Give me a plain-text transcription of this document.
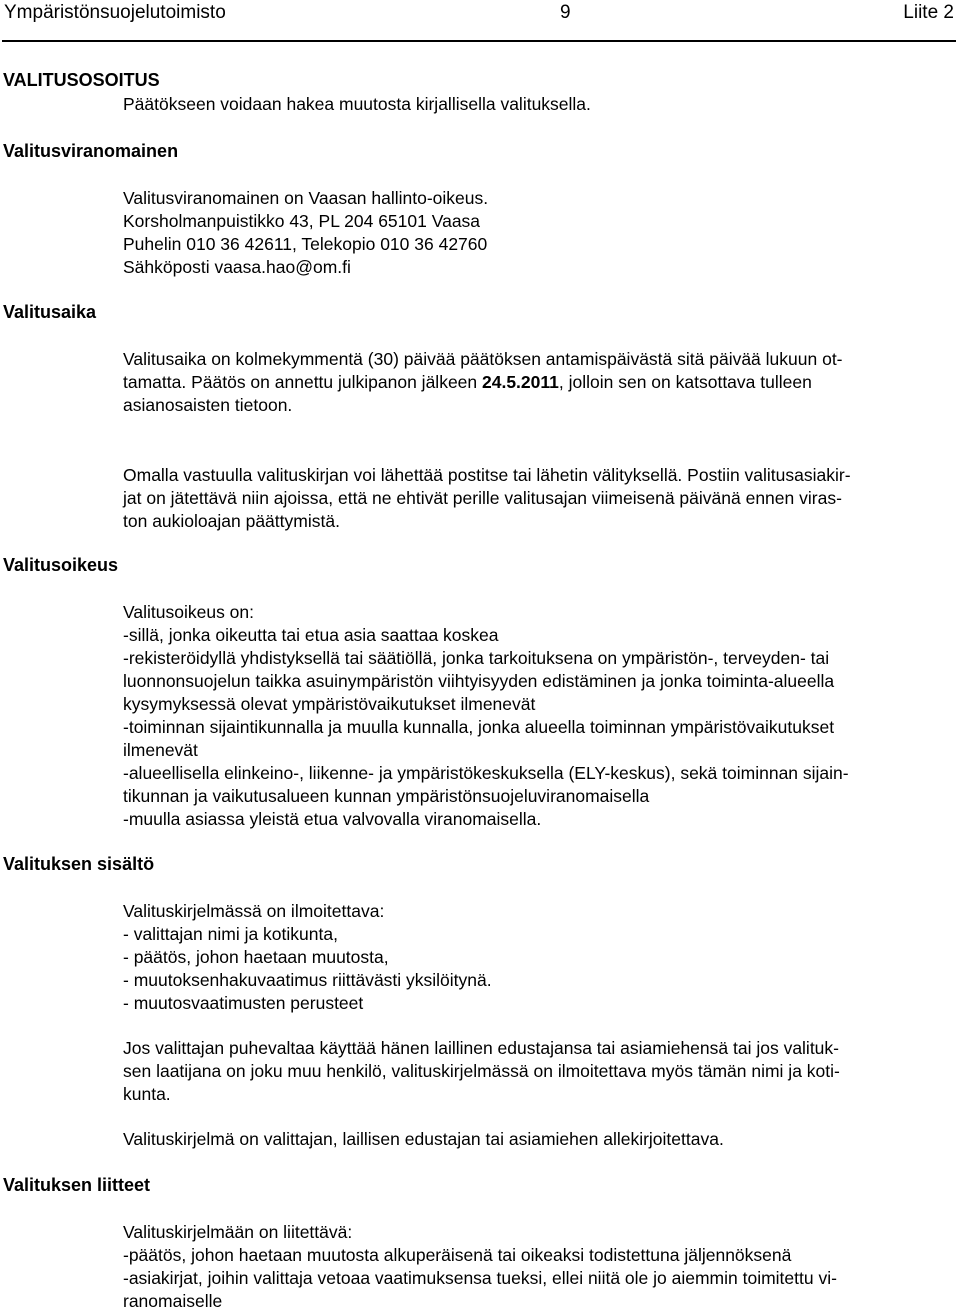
Ympäristönsuojelutoimisto	9	Liite 2
VALITUSOSOITUS
Päätökseen voidaan hakea muutosta kirjallisella valituksella.
Valitusviranomainen
Valitusviranomainen on Vaasan hallinto-oikeus.
Korsholmanpuistikko 43, PL 204 65101 Vaasa
Puhelin 010 36 42611, Telekopio 010 36 42760
Sähköposti vaasa.hao@om.fi
Valitusaika
Valitusaika on kolmekymmentä (30) päivää päätöksen antamispäivästä sitä päivää lukuun ot-
tamatta. Päätös on annettu julkipanon jälkeen 24.5.2011, jolloin sen on katsottava tulleen
asianosaisten tietoon.
Omalla vastuulla valituskirjan voi lähettää postitse tai lähetin välityksellä. Postiin valitusasiakir-
jat on jätettävä niin ajoissa, että ne ehtivät perille valitusajan viimeisenä päivänä ennen viras-
ton aukioloajan päättymistä.
Valitusoikeus
Valitusoikeus on:
-sillä, jonka oikeutta tai etua asia saattaa koskea
-rekisteröidyllä yhdistyksellä tai säätiöllä, jonka tarkoituksena on ympäristön-, terveyden- tai
luonnonsuojelun taikka asuinympäristön viihtyisyyden edistäminen ja jonka toiminta-alueella
kysymyksessä olevat ympäristövaikutukset ilmenevät
-toiminnan sijaintikunnalla ja muulla kunnalla, jonka alueella toiminnan ympäristövaikutukset
ilmenevät
-alueellisella elinkeino-, liikenne- ja ympäristökeskuksella (ELY-keskus), sekä toiminnan sijain-
tikunnan ja vaikutusalueen kunnan ympäristönsuojeluviranomaisella
-muulla asiassa yleistä etua valvovalla viranomaisella.
Valituksen sisältö
Valituskirjelmässä on ilmoitettava:
- valittajan nimi ja kotikunta,
- päätös, johon haetaan muutosta,
- muutoksenhakuvaatimus riittävästi yksilöitynä.
- muutosvaatimusten perusteet
Jos valittajan puhevaltaa käyttää hänen laillinen edustajansa tai asiamiehensä tai jos valituk-
sen laatijana on joku muu henkilö, valituskirjelmässä on ilmoitettava myös tämän nimi ja koti-
kunta.
Valituskirjelmä on valittajan, laillisen edustajan tai asiamiehen allekirjoitettava.
Valituksen liitteet
Valituskirjelmään on liitettävä:
-päätös, johon haetaan muutosta alkuperäisenä tai oikeaksi todistettuna jäljennöksenä
-asiakirjat, joihin valittaja vetoaa vaatimuksensa tueksi, ellei niitä ole jo aiemmin toimitettu vi-
ranomaiselle
